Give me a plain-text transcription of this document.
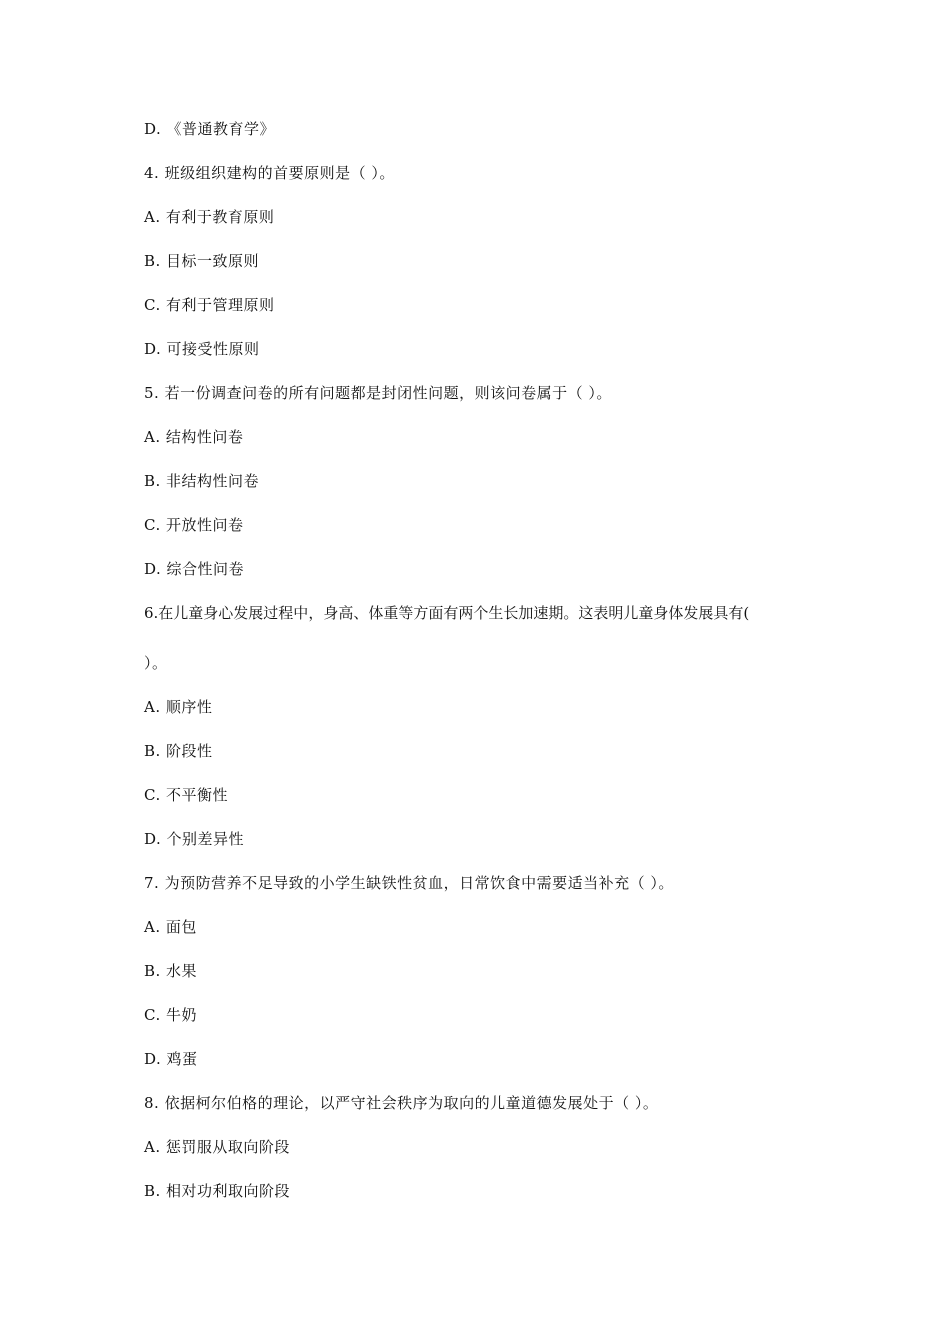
D. 《普通教育学》
4. 班级组织建构的首要原则是（ ）。
A. 有利于教育原则
B. 目标一致原则
C. 有利于管理原则
D. 可接受性原则
5. 若一份调查问卷的所有问题都是封闭性问题，则该问卷属于（ ）。
A. 结构性问卷
B. 非结构性问卷
C. 开放性问卷
D. 综合性问卷
6.在儿童身心发展过程中，身高、体重等方面有两个生长加速期。这表明儿童身体发展具有(
）。
A. 顺序性
B. 阶段性
C. 不平衡性
D. 个别差异性
7. 为预防营养不足导致的小学生缺铁性贫血，日常饮食中需要适当补充（ ）。
A. 面包
B. 水果
C. 牛奶
D. 鸡蛋
8. 依据柯尔伯格的理论，以严守社会秩序为取向的儿童道德发展处于（ ）。
A. 惩罚服从取向阶段
B. 相对功利取向阶段
